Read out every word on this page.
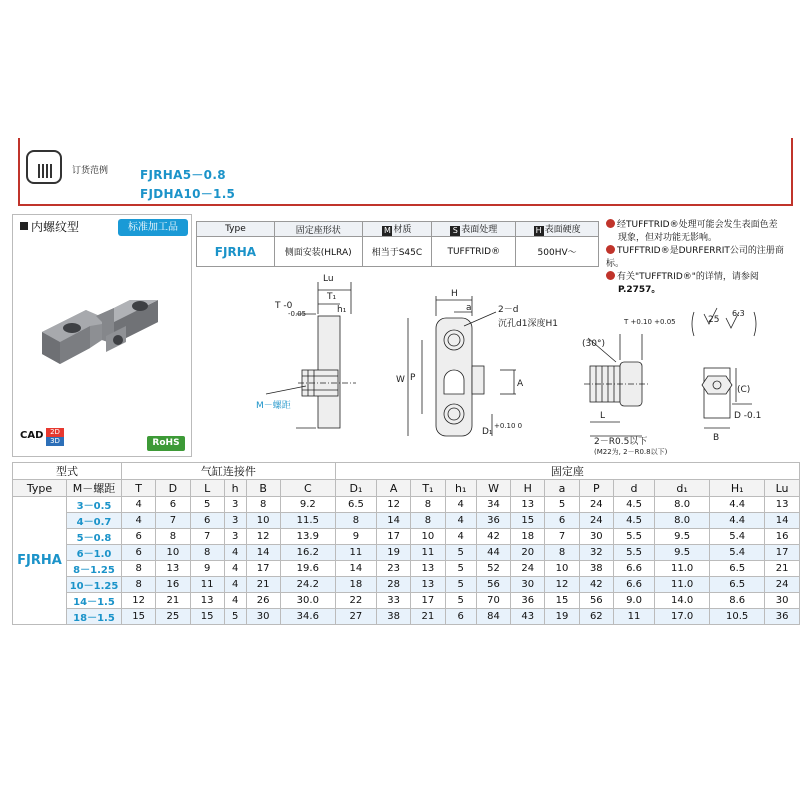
订货范例	FJRHA5－0.8
FJDHA10－1.5
内螺纹型	标准加工品
CAD 2D
3D	RoHS
Type	固定座形状	M 材质	S 表面处理	H 表面硬度
FJRHA	侧面安装(HLRA)	相当于S45C	TUFFTRID®	500HV～
经TUFFTRID®处理可能会发生表面色差
现象，但对功能无影响。
TUFFTRID®是DURFERRIT公司的注册商标。
有关"TUFFTRID®"的详情，请参阅
P.2757。
Lu
T₁
h₁
T -0
-0.05
M－螺距
H
a	2－d
沉孔d1深度H1
W P
A
D₁
+0.10 0
T +0.10 +0.05
(30°)
L
2－R0.5以下
(M22为, 2－R0.8以下)
B
(C)
D -0.1
25
6.3
型式		气缸连接件						固定座											
Type	M－螺距	T	D	L	h	B	C	D₁	A	T₁	h₁	W	H	a	P	d	d₁	H₁	Lu
FJRHA	3－0.5	4	6	5	3	8	9.2	6.5	12	8	4	34	13	5	24	4.5	8.0	4.4	13
	4－0.7	4	7	6	3	10	11.5	8	14	8	4	36	15	6	24	4.5	8.0	4.4	14
	5－0.8	6	8	7	3	12	13.9	9	17	10	4	42	18	7	30	5.5	9.5	5.4	16
	6－1.0	6	10	8	4	14	16.2	11	19	11	5	44	20	8	32	5.5	9.5	5.4	17
	8－1.25	8	13	9	4	17	19.6	14	23	13	5	52	24	10	38	6.6	11.0	6.5	21
	10－1.25	8	16	11	4	21	24.2	18	28	13	5	56	30	12	42	6.6	11.0	6.5	24
	14－1.5	12	21	13	4	26	30.0	22	33	17	5	70	36	15	56	9.0	14.0	8.6	30
	18－1.5	15	25	15	5	30	34.6	27	38	21	6	84	43	19	62	11	17.0	10.5	36
